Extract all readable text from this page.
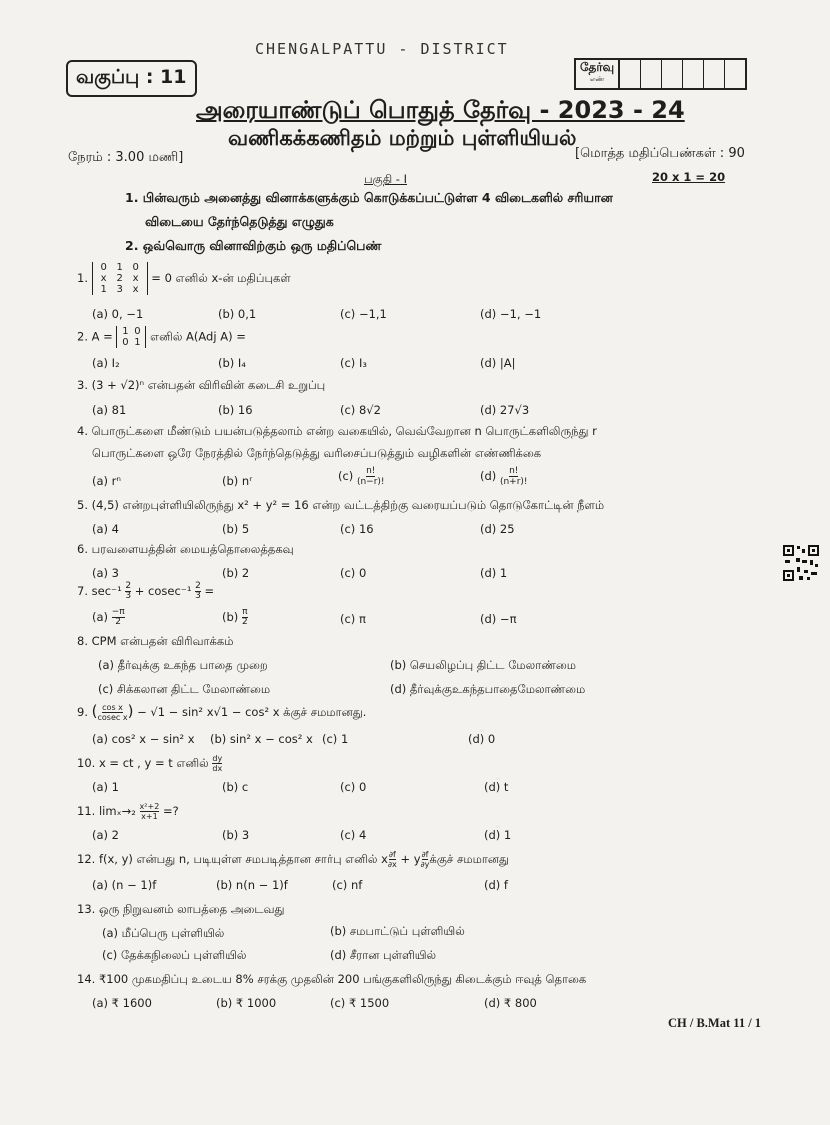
CHENGALPATTU - DISTRICT
வகுப்பு : 11	தேர்வு
எண்
அரையாண்டுப் பொதுத் தேர்வு - 2023 - 24
வணிகக்கணிதம் மற்றும் புள்ளியியல்
நேரம் : 3.00 மணி]	[மொத்த மதிப்பெண்கள் : 90
பகுதி - I	20 x 1 = 20
1. பின்வரும் அனைத்து வினாக்களுக்கும் கொடுக்கப்பட்டுள்ள 4 விடைகளில் சரியான
விடையை தேர்ந்தெடுத்து எழுதுக
2. ஒவ்வொரு வினாவிற்கும் ஒரு மதிப்பெண்
1.
0 1 0
x 2 x
1 3 x
= 0 எனில் x-ன் மதிப்புகள்
(a) 0, −1	(b) 0,1	(c) −1,1	(d) −1, −1
2. A = 1 0
0 1 எனில் A(Adj A) =
(a) I₂	(b) I₄	(c) I₃	(d) |A|
3. (3 + √2)ⁿ என்பதன் விரிவின் கடைசி உறுப்பு
(a) 81	(b) 16	(c) 8√2	(d) 27√3
4. பொருட்களை மீண்டும் பயன்படுத்தலாம் என்ற வகையில், வெவ்வேறான n பொருட்களிலிருந்து r
பொருட்களை ஒரே நேரத்தில் நேர்ந்தெடுத்து வரிசைப்படுத்தும் வழிகளின் எண்ணிக்கை
(a) rⁿ	(b) nʳ	$(c) \frac{n!}{(n-r)!}$	$(d) \frac{n!}{(n+r)!}$
5. (4,5) என்றபுள்ளியிலிருந்து x² + y² = 16 என்ற வட்டத்திற்கு வரையப்படும் தொடுகோட்டின் நீளம்
(a) 4	(b) 5	(c) 16	(d) 25
6. பரவளையத்தின் மையத்தொலைத்தகவு
(a) 3	(b) 2	(c) 0	(d) 1
7. $\sec^{-1} \frac{2}{3} + cosec^{-1} \frac{2}{3}$ =
$(a) \frac{-\pi}{2}$	$(b) \frac{\pi}{2}$	(c) π	(d) −π
8. CPM என்பதன் விரிவாக்கம்
(a) தீர்வுக்கு உகந்த பாதை முறை	(b) செயலிழப்பு திட்ட மேலாண்மை
(c) சிக்கலான திட்ட மேலாண்மை	(d) தீர்வுக்குஉகந்தபாதைமேலாண்மை
9. ( $\frac{\text{cos x}}{\text{cosec x}}$ ) − √1 − sin² x√1 − cos² x க்குச் சமமானது.
(a) cos² x − sin² x (b) sin² x − cos² x (c) 1	(d) 0
10. x = ct , y = t எனில் $\frac{dy}{dx}$
(a) 1	(b) c	(c) 0	(d) t
11. $\lim_x\to_2 \frac{\text{x²+2}}{x+1}$ =?
(a) 2	(b) 3	(c) 4	(d) 1
12. f(x, y) என்பது n, படியுள்ள சமபடித்தான சார்பு எனில் x $\frac{\partial f}{\partial x} + y \frac{\partial f}{\partial y}$ க்குச் சமமானது
(a) (n − 1)f	(b) n(n − 1)f	(c) nf	(d) f
13. ஒரு நிறுவனம் லாபத்தை அடைவது
(a) மீப்பெரு புள்ளியில்	(b) சமபாட்டுப் புள்ளியில்
(c) தேக்கநிலைப் புள்ளியில்	(d) சீரான புள்ளியில்
14. ₹100 முகமதிப்பு உடைய 8% சரக்கு முதலின் 200 பங்குகளிலிருந்து கிடைக்கும் ஈவுத் தொகை
(a) ₹ 1600	(b) ₹ 1000	(c) ₹ 1500	(d) ₹ 800
CH / B.Mat 11 / 1
